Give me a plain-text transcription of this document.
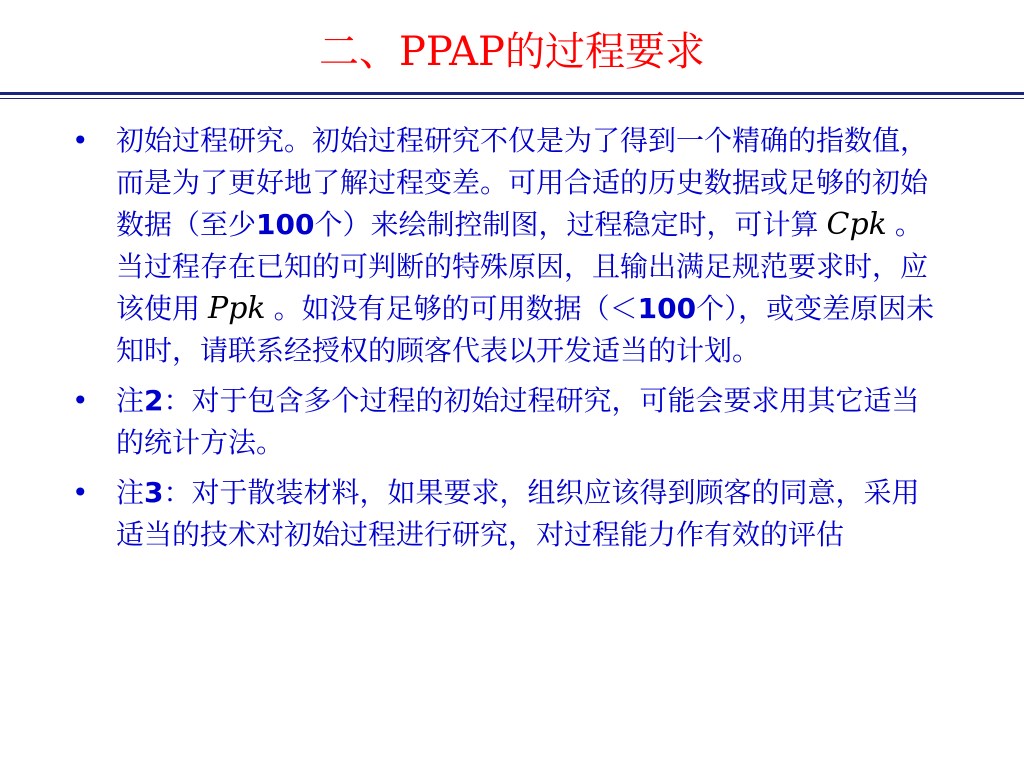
二、PPAP的过程要求
• 初始过程研究。初始过程研究不仅是为了得到一个精确的指数值，而是为了更好地了解过程变差。可用合适的历史数据或足够的初始数据（至少100个）来绘制控制图，过程稳定时，可计算 Cpk 。当过程存在已知的可判断的特殊原因，且输出满足规范要求时，应该使用 Ppk 。如没有足够的可用数据（＜100个），或变差原因未知时，请联系经授权的顾客代表以开发适当的计划。
• 注2：对于包含多个过程的初始过程研究，可能会要求用其它适当的统计方法。
• 注3：对于散装材料，如果要求，组织应该得到顾客的同意，采用适当的技术对初始过程进行研究，对过程能力作有效的评估
